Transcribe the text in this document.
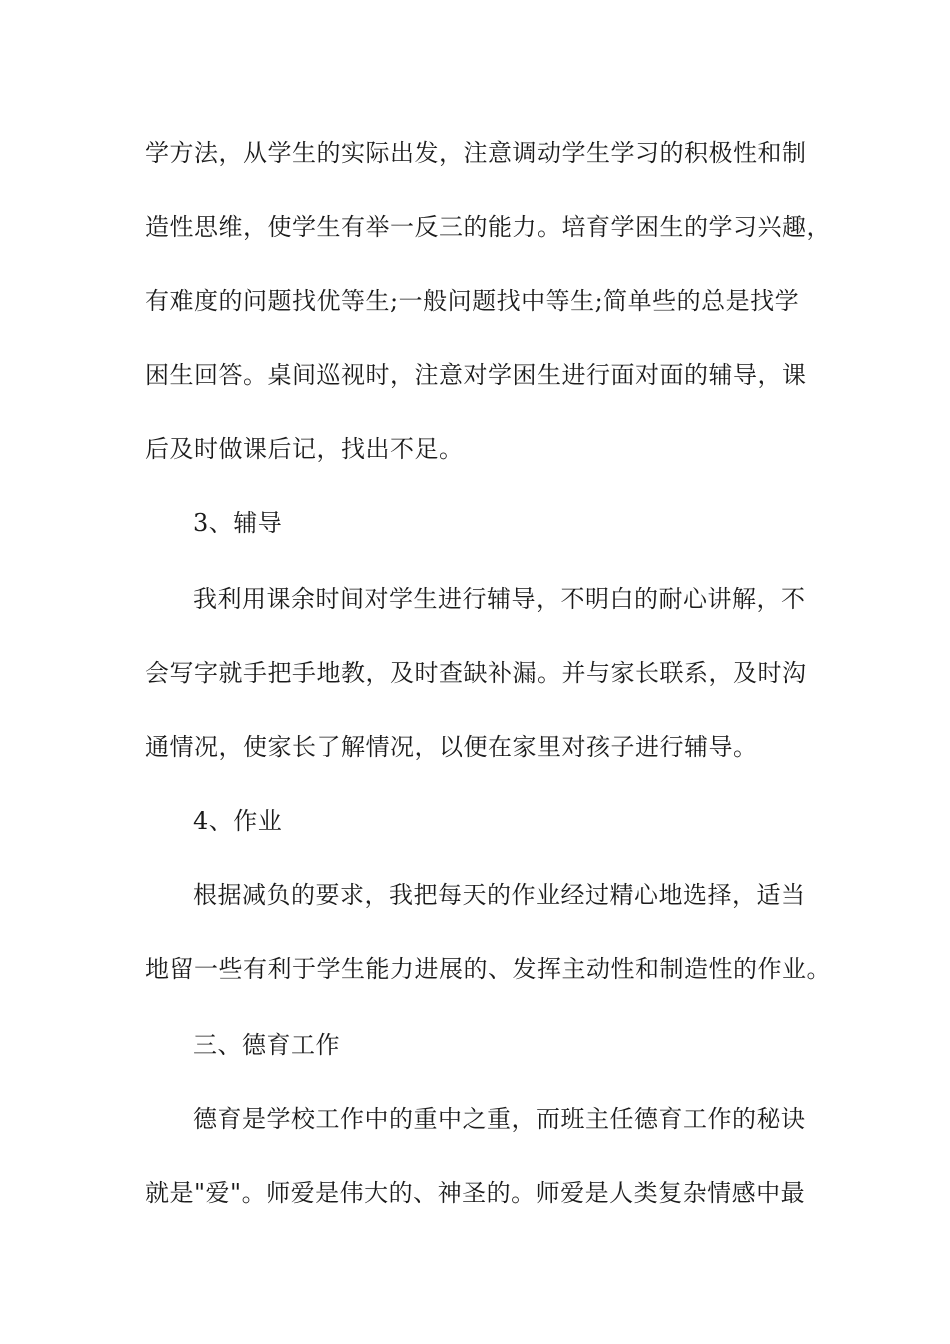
学方法，从学生的实际出发，注意调动学生学习的积极性和制
造性思维，使学生有举一反三的能力。培育学困生的学习兴趣，
有难度的问题找优等生;一般问题找中等生;简单些的总是找学
困生回答。桌间巡视时，注意对学困生进行面对面的辅导，课
后及时做课后记，找出不足。
3、辅导
我利用课余时间对学生进行辅导，不明白的耐心讲解，不
会写字就手把手地教，及时查缺补漏。并与家长联系，及时沟
通情况，使家长了解情况，以便在家里对孩子进行辅导。
4、作业
根据减负的要求，我把每天的作业经过精心地选择，适当
地留一些有利于学生能力进展的、发挥主动性和制造性的作业。
三、德育工作
德育是学校工作中的重中之重，而班主任德育工作的秘诀
就是"爱"。师爱是伟大的、神圣的。师爱是人类复杂情感中最
